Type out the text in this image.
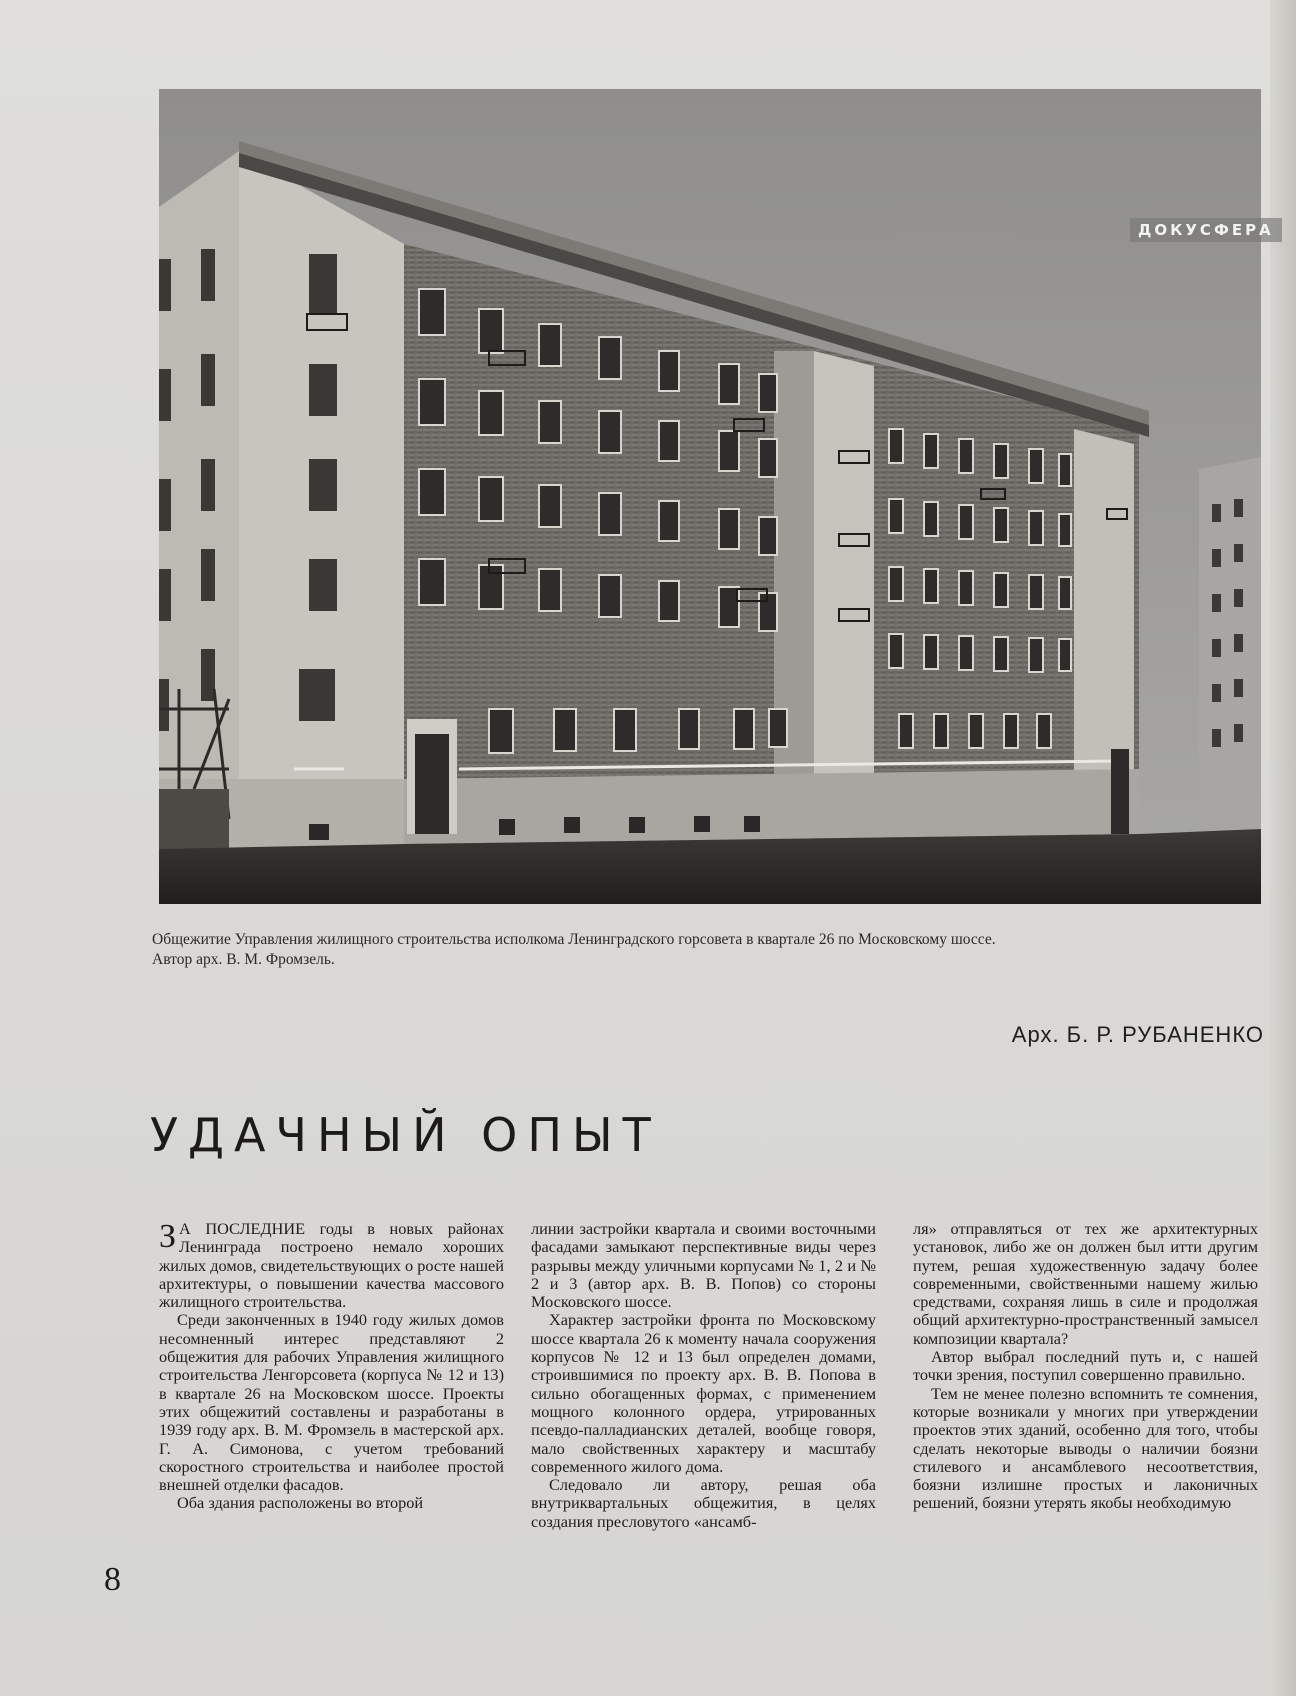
ДОКУСФЕРА
Общежитие Управления жилищного строительства исполкома Ленинградского горсовета в квартале 26 по Московскому шоссе.
Автор арх. В. М. Фромзель.
Арх. Б. Р. РУБАНЕНКО
УДАЧНЫЙ ОПЫТ

З А ПОСЛЕДНИЕ годы в новых районах Ленинграда построено немало хороших жилых домов, свидетельствующих о росте нашей архитектуры, о повышении качества массового жилищного строительства.

Среди законченных в 1940 году жилых домов несомненный интерес представляют 2 общежития для рабочих Управления жилищного строительства Ленгорсовета (корпуса № 12 и 13) в квартале 26 на Московском шоссе. Проекты этих общежитий составлены и разработаны в 1939 году арх. В. М. Фромзель в мастерской арх. Г. А. Симонова, с учетом требований скоростного строительства и наиболее простой внешней отделки фасадов.

Оба здания расположены во второй

линии застройки квартала и своими восточными фасадами замыкают перспективные виды через разрывы между уличными корпусами № 1, 2 и № 2 и 3 (автор арх. В. В. Попов) со стороны Московского шоссе.

Характер застройки фронта по Московскому шоссе квартала 26 к моменту начала сооружения корпусов № 12 и 13 был определен домами, строившимися по проекту арх. В. В. Попова в сильно обогащенных формах, с применением мощного колонного ордера, утрированных псевдо-палладианских деталей, вообще говоря, мало свойственных характеру и масштабу современного жилого дома.

Следовало ли автору, решая оба внутриквартальных общежития, в целях создания пресловутого «ансамб-

ля» отправляться от тех же архитектурных установок, либо же он должен был итти другим путем, решая художественную задачу более современными, свойственными нашему жилью средствами, сохраняя лишь в силе и продолжая общий архитектурно-пространственный замысел композиции квартала?

Автор выбрал последний путь и, с нашей точки зрения, поступил совершенно правильно.

Тем не менее полезно вспомнить те сомнения, которые возникали у многих при утверждении проектов этих зданий, особенно для того, чтобы сделать некоторые выводы о наличии боязни стилевого и ансамблевого несоответствия, боязни излишне простых и лаконичных решений, боязни утерять якобы необходимую

8
